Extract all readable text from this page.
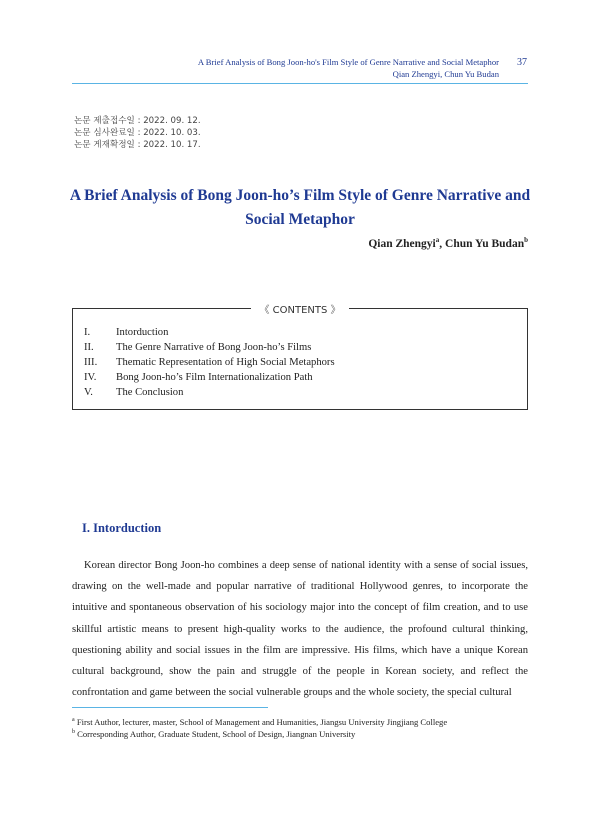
A Brief Analysis of Bong Joon-ho's Film Style of Genre Narrative and Social Metaphor
Qian Zhengyi, Chun Yu Budan
37
논문 제출접수일 : 2022. 09. 12.
논문 심사완료일 : 2022. 10. 03.
논문 게재확정일 : 2022. 10. 17.
A Brief Analysis of Bong Joon-ho’s Film Style of Genre Narrative and
Social Metaphor
Qian Zhengyi$^a$, Chun Yu Budan$^b$
《 CONTENTS 》
I. Intorduction
II. The Genre Narrative of Bong Joon-ho’s Films
III. Thematic Representation of High Social Metaphors
IV. Bong Joon-ho’s Film Internationalization Path
V. The Conclusion
I. Intorduction
Korean director Bong Joon-ho combines a deep sense of national identity with a sense of social issues, drawing on the well-made and popular narrative of traditional Hollywood genres, to incorporate the intuitive and spontaneous observation of his sociology major into the concept of film creation, and to use skillful artistic means to present high-quality works to the audience, the profound cultural thinking, questioning ability and social issues in the film are impressive. His films, which have a unique Korean cultural background, show the pain and struggle of the people in Korean society, and reflect the confrontation and game between the social vulnerable groups and the whole society, the special cultural
$^a$ First Author, lecturer, master, School of Management and Humanities, Jiangsu University Jingjiang College
$^b$ Corresponding Author, Graduate Student, School of Design, Jiangnan University
